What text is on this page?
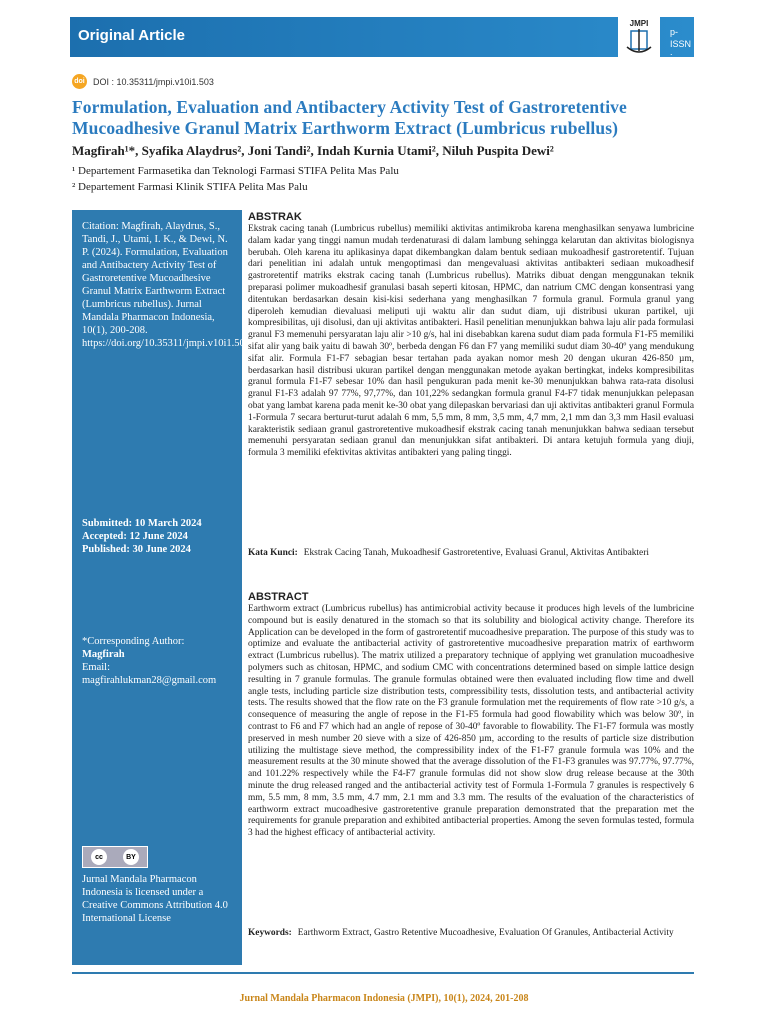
Original Article
JMPI
p-ISSN : 2442-6032
e-ISSN : 2598-9979
doi DOI : 10.35311/jmpi.v10i1.503
Formulation, Evaluation and Antibactery Activity Test of Gastroretentive Mucoadhesive Granul Matrix Earthworm Extract (Lumbricus rubellus)
Magfirah¹*, Syafika Alaydrus², Joni Tandi², Indah Kurnia Utami², Niluh Puspita Dewi²
¹ Departement Farmasetika dan Teknologi Farmasi STIFA Pelita Mas Palu
² Departement Farmasi Klinik STIFA Pelita Mas Palu
Citation: Magfirah, Alaydrus, S., Tandi, J., Utami, I. K., & Dewi, N. P. (2024). Formulation, Evaluation and Antibactery Activity Test of Gastroretentive Mucoadhesive Granul Matrix Earthworm Extract (Lumbricus rubellus). Jurnal Mandala Pharmacon Indonesia, 10(1), 200-208. https://doi.org/10.35311/jmpi.v10i1.503
Submitted: 10 March 2024
Accepted: 12 June 2024
Published: 30 June 2024
*Corresponding Author:
Magfirah
Email:
magfirahlukman28@gmail.com
cc	BY
Jurnal Mandala Pharmacon Indonesia is licensed under a Creative Commons Attribution 4.0 International License
ABSTRAK
Ekstrak cacing tanah (Lumbricus rubellus) memiliki aktivitas antimikroba karena menghasilkan senyawa lumbricine dalam kadar yang tinggi namun mudah terdenaturasi di dalam lambung sehingga kelarutan dan aktivitas biologisnya berubah. Oleh karena itu aplikasinya dapat dikembangkan dalam bentuk sediaan mukoadhesif gastroretentif. Tujuan dari penelitian ini adalah untuk mengoptimasi dan mengevaluasi aktivitas antibakteri sediaan mukoadhesif gastroretentif matriks ekstrak cacing tanah (Lumbricus rubellus). Matriks dibuat dengan menggunakan teknik preparasi polimer mukoadhesif granulasi basah seperti kitosan, HPMC, dan natrium CMC dengan konsentrasi yang ditentukan berdasarkan desain kisi-kisi sederhana yang menghasilkan 7 formula granul. Formula granul yang diperoleh kemudian dievaluasi meliputi uji waktu alir dan sudut diam, uji distribusi ukuran partikel, uji kompresibilitas, uji disolusi, dan uji aktivitas antibakteri. Hasil penelitian menunjukkan bahwa laju alir pada formulasi granul F3 memenuhi persyaratan laju alir >10 g/s, hal ini disebabkan karena sudut diam pada formula F1-F5 memiliki sifat alir yang baik yaitu di bawah 30º, berbeda dengan F6 dan F7 yang memiliki sudut diam 30-40º yang mendukung sifat alir. Formula F1-F7 sebagian besar tertahan pada ayakan nomor mesh 20 dengan ukuran 426-850 µm, berdasarkan hasil distribusi ukuran partikel dengan menggunakan metode ayakan bertingkat, indeks kompresibilitas granul formula F1-F7 sebesar 10% dan hasil pengukuran pada menit ke-30 menunjukkan bahwa rata-rata disolusi granul F1-F3 adalah 97 77%, 97,77%, dan 101,22% sedangkan formula granul F4-F7 tidak menunjukkan pelepasan obat yang lambat karena pada menit ke-30 obat yang dilepaskan bervariasi dan uji aktivitas antibakteri granul Formula 1-Formula 7 secara berturut-turut adalah 6 mm, 5,5 mm, 8 mm, 3,5 mm, 4,7 mm, 2,1 mm dan 3,3 mm Hasil evaluasi karakteristik sediaan granul gastroretentive mukoadhesif ekstrak cacing tanah menunjukkan bahwa sediaan tersebut memenuhi persyaratan sediaan granul dan menunjukkan sifat antibakteri. Di antara ketujuh formula yang diuji, formula 3 memiliki efektivitas aktivitas antibakteri yang paling tinggi.
Kata Kunci: Ekstrak Cacing Tanah, Mukoadhesif Gastroretentive, Evaluasi Granul, Aktivitas Antibakteri
ABSTRACT
Earthworm extract (Lumbricus rubellus) has antimicrobial activity because it produces high levels of the lumbricine compound but is easily denatured in the stomach so that its solubility and biological activity change. Therefore its Application can be developed in the form of gastroretentif mucoadhesive preparation. The purpose of this study was to optimize and evaluate the antibacterial activity of gastroretentive mucoadhesive preparation matrix of earthworm extract (Lumbricus rubellus). The matrix utilized a preparatory technique of applying wet granulation mucoadhesive polymers such as chitosan, HPMC, and sodium CMC with concentrations determined based on simple lattice design resulting in 7 granule formulas. The granule formulas obtained were then evaluated including flow time and dwell angle tests, including particle size distribution tests, compressibility tests, dissolution tests, and antibacterial activity tests. The results showed that the flow rate on the F3 granule formulation met the requirements of flow rate >10 g/s, a consequence of measuring the angle of repose in the F1-F5 formula had good flowability which was below 30º, in contrast to F6 and F7 which had an angle of repose of 30-40º favorable to flowability. The F1-F7 formula was mostly preserved in mesh number 20 sieve with a size of 426-850 µm, according to the results of particle size distribution utilizing the multistage sieve method, the compressibility index of the F1-F7 granule formula was 10% and the measurement results at the 30 minute showed that the average dissolution of the F1-F3 granules was 97.77%, 97.77%, and 101.22% respectively while the F4-F7 granule formulas did not show slow drug release because at the 30th minute the drug released ranged and the antibacterial activity test of Formula 1-Formula 7 granules is respectively 6 mm, 5.5 mm, 8 mm, 3.5 mm, 4.7 mm, 2.1 mm and 3.3 mm. The results of the evaluation of the characteristics of earthworm extract mucoadhesive gastroretentive granule preparation demonstrated that the preparation met the requirements for granule preparation and exhibited antibacterial properties. Among the seven formulas tested, formula 3 had the highest efficacy of antibacterial activity.
Keywords: Earthworm Extract, Gastro Retentive Mucoadhesive, Evaluation Of Granules, Antibacterial Activity
Jurnal Mandala Pharmacon Indonesia (JMPI), 10(1), 2024, 201-208
